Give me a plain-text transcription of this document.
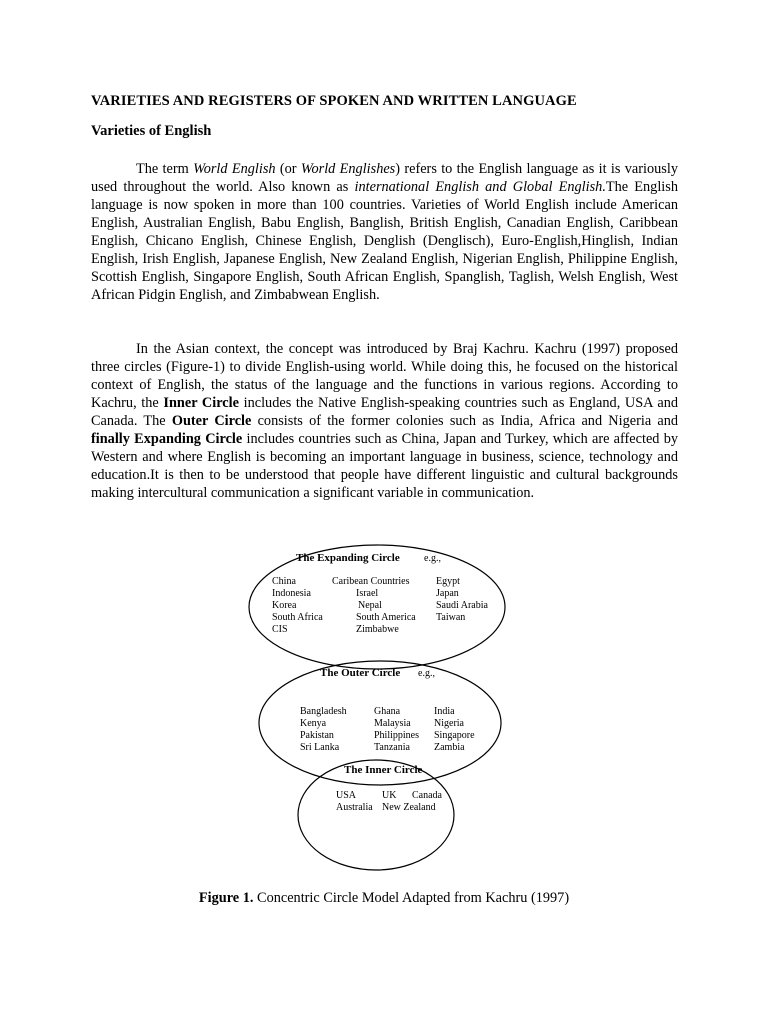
VARIETIES AND REGISTERS OF SPOKEN AND WRITTEN LANGUAGE
Varieties of English

The term World English (or World Englishes) refers to the English language as it is variously used throughout the world. Also known as international English and Global English.The English language is now spoken in more than 100 countries. Varieties of World English include American English, Australian English, Babu English, Banglish, British English, Canadian English, Caribbean English, Chicano English, Chinese English, Denglish (Denglisch), Euro-English,Hinglish, Indian English, Irish English, Japanese English, New Zealand English, Nigerian English, Philippine English, Scottish English, Singapore English, South African English, Spanglish, Taglish, Welsh English, West African Pidgin English, and Zimbabwean English.

In the Asian context, the concept was introduced by Braj Kachru. Kachru (1997) proposed three circles (Figure-1) to divide English-using world. While doing this, he focused on the historical context of English, the status of the language and the functions in various regions. According to Kachru, the Inner Circle includes the Native English-speaking countries such as England, USA and Canada. The Outer Circle consists of the former colonies such as India, Africa and Nigeria and finally Expanding Circle includes countries such as China, Japan and Turkey, which are affected by Western and where English is becoming an important language in business, science, technology and education.It is then to be understood that people have different linguistic and cultural backgrounds making intercultural communication a significant variable in communication.

The Expanding Circle e.g.,
China
Indonesia
Korea
South Africa
CIS
Caribean Countries
Israel
Nepal
South America
Zimbabwe
Egypt
Japan
Saudi Arabia
Taiwan
The Outer Circle e.g.,
Bangladesh
Kenya
Pakistan
Sri Lanka
Ghana
Malaysia
Philippines
Tanzania
India
Nigeria
Singapore
Zambia
The Inner Circle
USA	UK Canada
Australia New Zealand

Figure 1. Concentric Circle Model Adapted from Kachru (1997)
